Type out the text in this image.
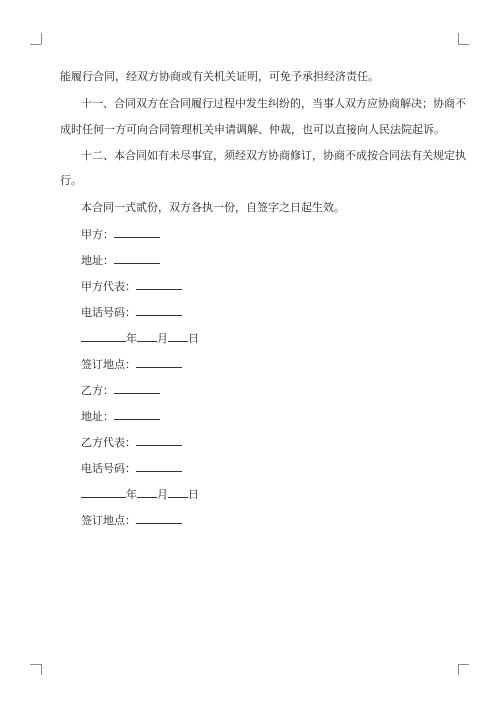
能履行合同，经双方协商或有关机关证明，可免予承担经济责任。
十一、合同双方在合同履行过程中发生纠纷的，当事人双方应协商解决；协商不
成时任何一方可向合同管理机关申请调解、仲裁，也可以直接向人民法院起诉。
十二、本合同如有未尽事宜，须经双方协商修订，协商不成按合同法有关规定执
行。
本合同一式贰份，双方各执一份，自签字之日起生效。
甲方：
地址：
甲方代表：
电话号码：
年 月 日
签订地点：
乙方：
地址：
乙方代表：
电话号码：
年 月 日
签订地点：
